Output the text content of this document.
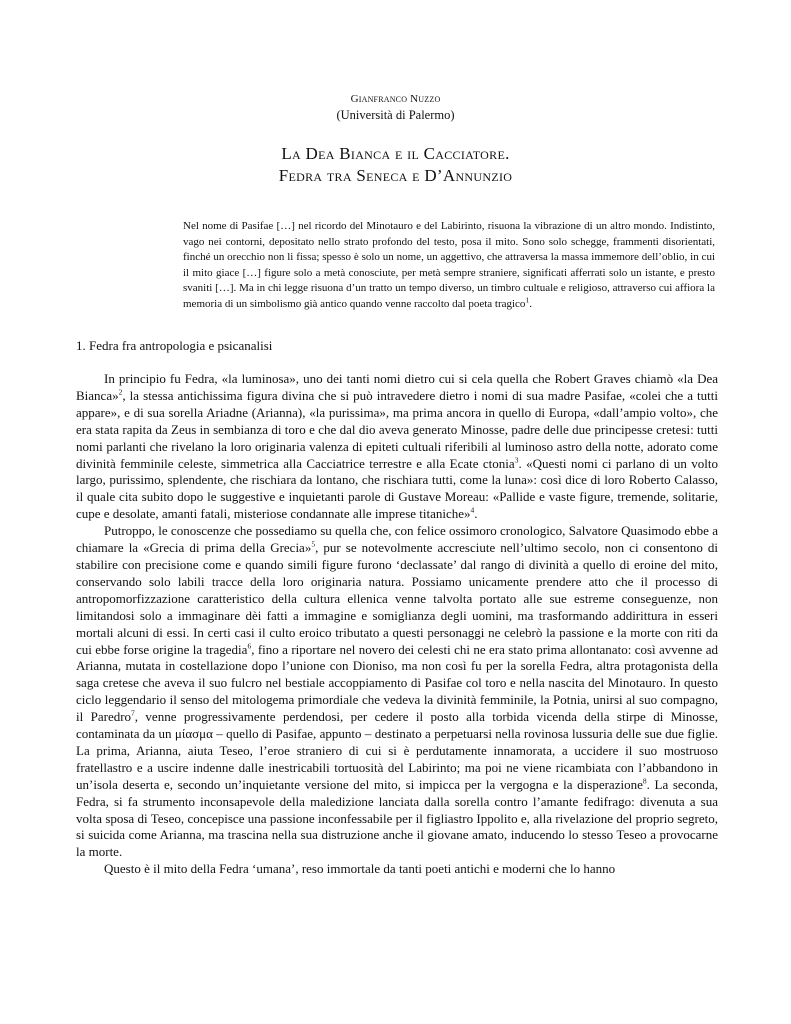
Gianfranco Nuzzo
(Università di Palermo)
La Dea Bianca e il Cacciatore.
Fedra tra Seneca e D’Annunzio
Nel nome di Pasifae […] nel ricordo del Minotauro e del Labirinto, risuona la vibrazione di un altro mondo. Indistinto, vago nei contorni, depositato nello strato profondo del testo, posa il mito. Sono solo schegge, frammenti disorientati, finché un orecchio non li fissa; spesso è solo un nome, un aggettivo, che attraversa la massa immemore dell’oblio, in cui il mito giace […] figure solo a metà conosciute, per metà sempre straniere, significati afferrati solo un istante, e presto svaniti […]. Ma in chi legge risuona d’un tratto un tempo diverso, un timbro cultuale e religioso, attraverso cui affiora la memoria di un simbolismo già antico quando venne raccolto dal poeta tragico$^1$.
1. Fedra fra antropologia e psicanalisi

In principio fu Fedra, «la luminosa», uno dei tanti nomi dietro cui si cela quella che Robert Graves chiamò «la Dea Bianca»$^2$, la stessa antichissima figura divina che si può intravedere dietro i nomi di sua madre Pasifae, «colei che a tutti appare», e di sua sorella Ariadne (Arianna), «la purissima», ma prima ancora in quello di Europa, «dall’ampio volto», che era stata rapita da Zeus in sembianza di toro e che dal dio aveva generato Minosse, padre delle due principesse cretesi: tutti nomi parlanti che rivelano la loro originaria valenza di epiteti cultuali riferibili al luminoso astro della notte, adorato come divinità femminile celeste, simmetrica alla Cacciatrice terrestre e alla Ecate ctonia$^3$. «Questi nomi ci parlano di un volto largo, purissimo, splendente, che rischiara da lontano, che rischiara tutti, come la luna»: così dice di loro Roberto Calasso, il quale cita subito dopo le suggestive e inquietanti parole di Gustave Moreau: «Pallide e vaste figure, tremende, solitarie, cupe e desolate, amanti fatali, misteriose condannate alle imprese titaniche»$^4$.

Putroppo, le conoscenze che possediamo su quella che, con felice ossimoro cronologico, Salvatore Quasimodo ebbe a chiamare la «Grecia di prima della Grecia»$^5$, pur se notevolmente accresciute nell’ultimo secolo, non ci consentono di stabilire con precisione come e quando simili figure furono ‘declassate’ dal rango di divinità a quello di eroine del mito, conservando solo labili tracce della loro originaria natura. Possiamo unicamente prendere atto che il processo di antropomorfizzazione caratteristico della cultura ellenica venne talvolta portato alle sue estreme conseguenze, non limitandosi solo a immaginare dèi fatti a immagine e somiglianza degli uomini, ma trasformando addirittura in esseri mortali alcuni di essi. In certi casi il culto eroico tributato a questi personaggi ne celebrò la passione e la morte con riti da cui ebbe forse origine la tragedia$^6$, fino a riportare nel novero dei celesti chi ne era stato prima allontanato: così avvenne ad Arianna, mutata in costellazione dopo l’unione con Dioniso, ma non così fu per la sorella Fedra, altra protagonista della saga cretese che aveva il suo fulcro nel bestiale accoppiamento di Pasifae col toro e nella nascita del Minotauro. In questo ciclo leggendario il senso del mitologema primordiale che vedeva la divinità femminile, la Potnia, unirsi al suo compagno, il Paredro$^7$, venne progressivamente perdendosi, per cedere il posto alla torbida vicenda della stirpe di Minosse, contaminata da un μίασμα – quello di Pasifae, appunto – destinato a perpetuarsi nella rovinosa lussuria delle sue due figlie. La prima, Arianna, aiuta Teseo, l’eroe straniero di cui si è perdutamente innamorata, a uccidere il suo mostruoso fratellastro e a uscire indenne dalle inestricabili tortuosità del Labirinto; ma poi ne viene ricambiata con l’abbandono in un’isola deserta e, secondo un’inquietante versione del mito, si impicca per la vergogna e la disperazione$^8$. La seconda, Fedra, si fa strumento inconsapevole della maledizione lanciata dalla sorella contro l’amante fedifrago: divenuta a sua volta sposa di Teseo, concepisce una passione inconfessabile per il figliastro Ippolito e, alla rivelazione del proprio segreto, si suicida come Arianna, ma trascina nella sua distruzione anche il giovane amato, inducendo lo stesso Teseo a provocarne la morte.

Questo è il mito della Fedra ‘umana’, reso immortale da tanti poeti antichi e moderni che lo hanno
